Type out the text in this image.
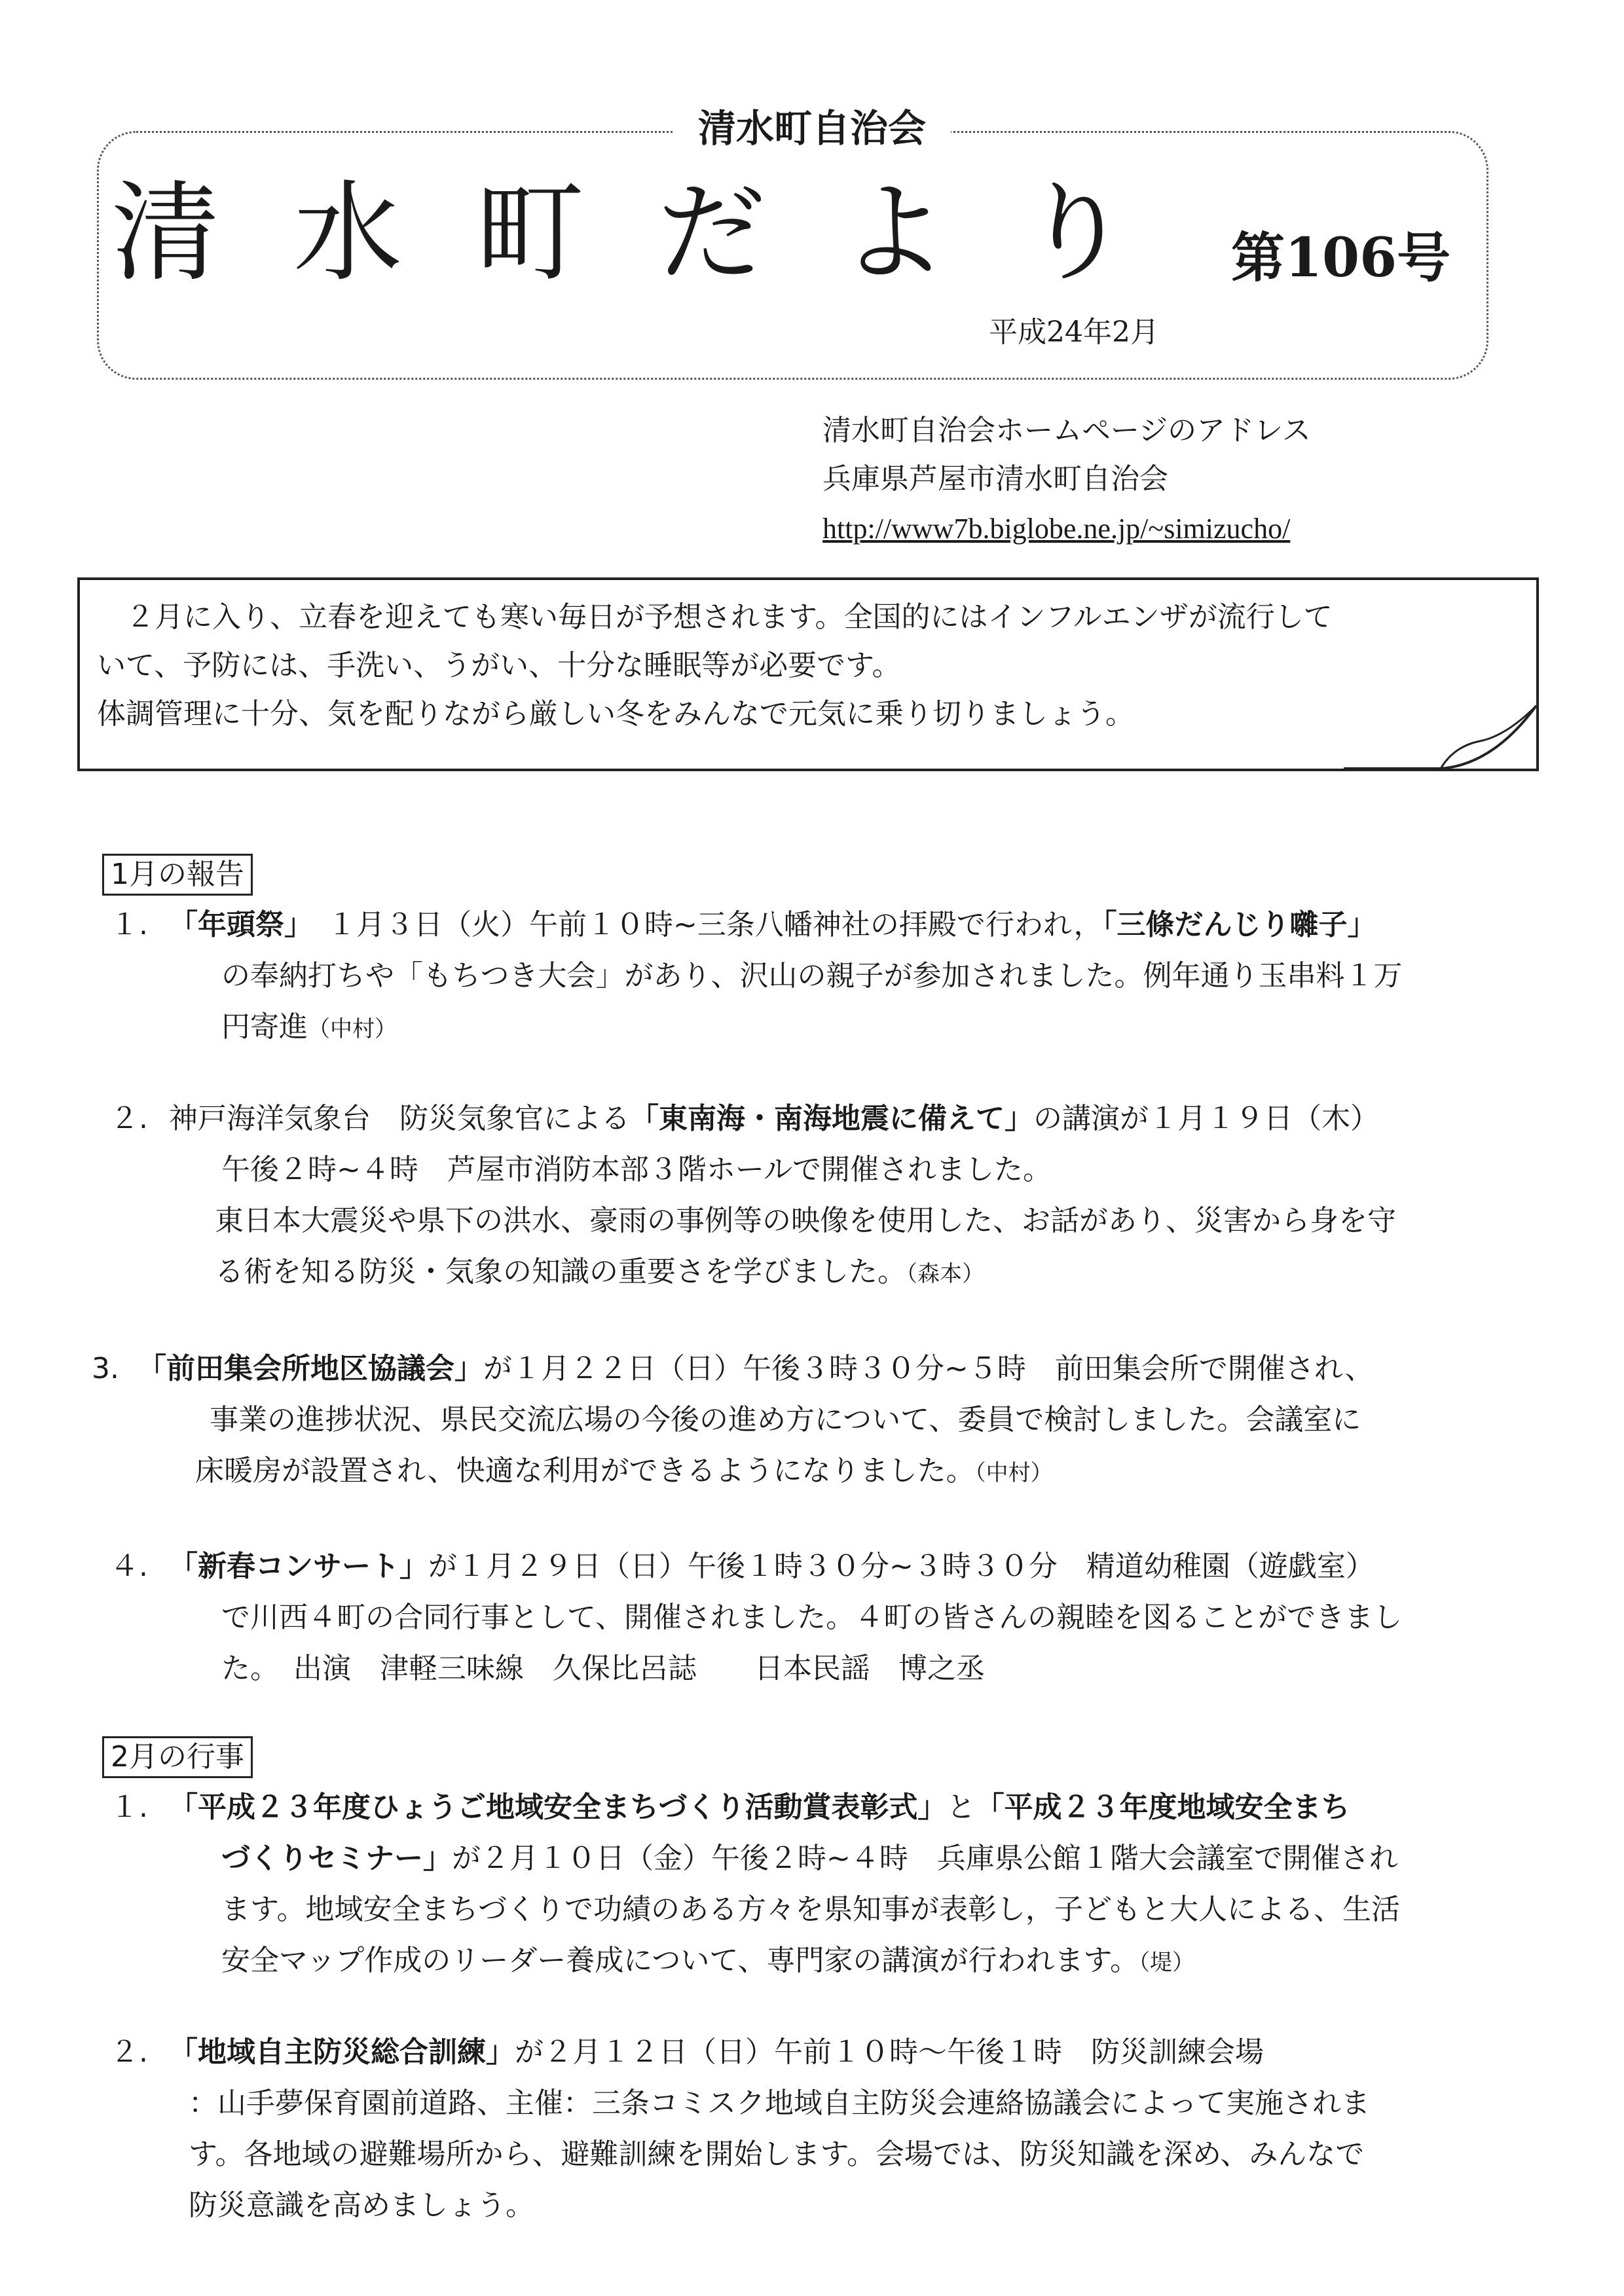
清水町自治会
清水町だより 第106号
平成24年2月
清水町自治会ホームページのアドレス
兵庫県芦屋市清水町自治会
http://www7b.biglobe.ne.jp/~simizucho/

　２月に入り、立春を迎えても寒い毎日が予想されます。全国的にはインフルエンザが流行して

いて、予防には、手洗い、うがい、十分な睡眠等が必要です。

体調管理に十分、気を配りながら厳しい冬をみんなで元気に乗り切りましょう。

1月の報告
１. 「年頭祭」　１月３日（火）午前１０時~三条八幡神社の拝殿で行われ，「三條だんじり囃子」

の奉納打ちや「もちつき大会」があり、沢山の親子が参加されました。例年通り玉串料１万

円寄進（中村）

２. 神戸海洋気象台　防災気象官による「東南海・南海地震に備えて」の講演が１月１９日（木）

午後２時~４時　芦屋市消防本部３階ホールで開催されました。

東日本大震災や県下の洪水、豪雨の事例等の映像を使用した、お話があり、災害から身を守

る術を知る防災・気象の知識の重要さを学びました。（森本）

3. 「前田集会所地区協議会」が１月２２日（日）午後３時３０分~５時　前田集会所で開催され、

事業の進捗状況、県民交流広場の今後の進め方について、委員で検討しました。会議室に

床暖房が設置され、快適な利用ができるようになりました。（中村）

４. 「新春コンサート」が１月２９日（日）午後１時３０分~３時３０分　精道幼稚園（遊戯室）

で川西４町の合同行事として、開催されました。４町の皆さんの親睦を図ることができまし

た。　出演　津軽三味線　久保比呂誌　　日本民謡　博之丞

2月の行事
１. 「平成２３年度ひょうご地域安全まちづくり活動賞表彰式」と「平成２３年度地域安全まち

づくりセミナー」が２月１０日（金）午後２時~４時　兵庫県公館１階大会議室で開催され

ます。地域安全まちづくりで功績のある方々を県知事が表彰し，子どもと大人による、生活

安全マップ作成のリーダー養成について、専門家の講演が行われます。（堤）

２. 「地域自主防災総合訓練」が２月１２日（日）午前１０時～午後１時　防災訓練会場

：山手夢保育園前道路、主催：三条コミスク地域自主防災会連絡協議会によって実施されま

す。各地域の避難場所から、避難訓練を開始します。会場では、防災知識を深め、みんなで

防災意識を高めましょう。
